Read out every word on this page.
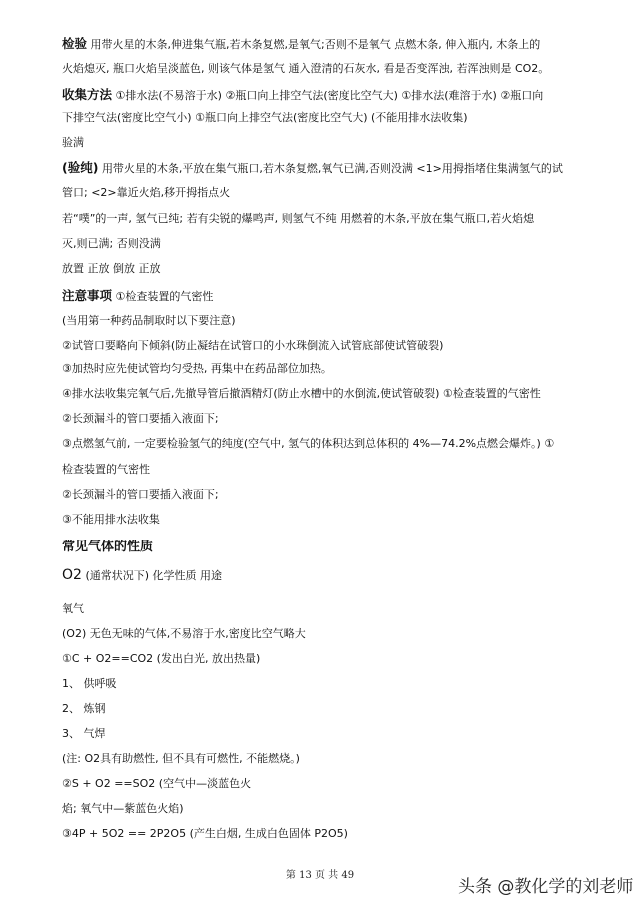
检验 用带火星的木条,伸进集气瓶,若木条复燃,是氧气;否则不是氧气 点燃木条, 伸入瓶内, 木条上的
火焰熄灭, 瓶口火焰呈淡蓝色, 则该气体是氢气 通入澄清的石灰水, 看是否变浑浊, 若浑浊则是 CO2。
收集方法 ①排水法(不易溶于水) ②瓶口向上排空气法(密度比空气大) ①排水法(难溶于水) ②瓶口向
下排空气法(密度比空气小) ①瓶口向上排空气法(密度比空气大) (不能用排水法收集)
验满
(验纯) 用带火星的木条,平放在集气瓶口,若木条复燃,氧气已满,否则没满 <1>用拇指堵住集满氢气的试
管口; <2>靠近火焰,移开拇指点火
若“噗”的一声, 氢气已纯; 若有尖锐的爆鸣声, 则氢气不纯 用燃着的木条,平放在集气瓶口,若火焰熄
灭,则已满; 否则没满
放置 正放 倒放 正放
注意事项 ①检查装置的气密性
(当用第一种药品制取时以下要注意)
②试管口要略向下倾斜(防止凝结在试管口的小水珠倒流入试管底部使试管破裂)
③加热时应先使试管均匀受热, 再集中在药品部位加热。
④排水法收集完氧气后,先撤导管后撤酒精灯(防止水槽中的水倒流,使试管破裂) ①检查装置的气密性
②长颈漏斗的管口要插入液面下;
③点燃氢气前, 一定要检验氢气的纯度(空气中, 氢气的体积达到总体积的 4%—74.2%点燃会爆炸。) ①
检查装置的气密性
②长颈漏斗的管口要插入液面下;
③不能用排水法收集
常见气体的性质
O2 (通常状况下) 化学性质 用途
氧气
(O2) 无色无味的气体,不易溶于水,密度比空气略大
①C + O2==CO2 (发出白光, 放出热量)
1、 供呼吸
2、 炼钢
3、 气焊
(注: O2具有助燃性, 但不具有可燃性, 不能燃烧。)
②S + O2 ==SO2 (空气中—淡蓝色火
焰; 氧气中—紫蓝色火焰)
③4P + 5O2 == 2P2O5 (产生白烟, 生成白色固体 P2O5)
第 13 页 共 49
头条 @教化学的刘老师
